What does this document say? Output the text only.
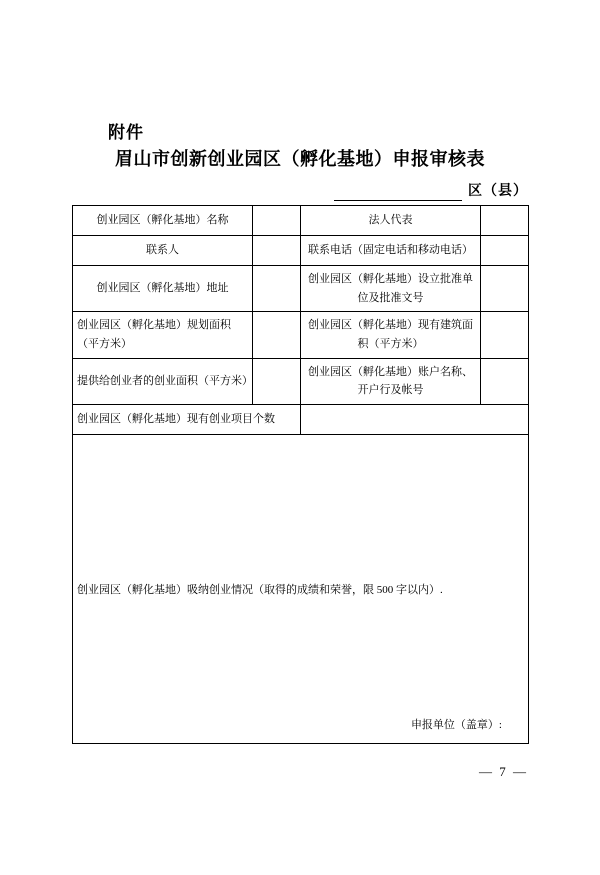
附件
眉山市创新创业园区（孵化基地）申报审核表
区（县）
创业园区（孵化基地）名称		法人代表	
联系人		联系电话（固定电话和移动电话）	
创业园区（孵化基地）地址		创业园区（孵化基地）设立批准单位及批准文号	
创业园区（孵化基地）规划面积（平方米）		创业园区（孵化基地）现有建筑面积（平方米）	
提供给创业者的创业面积（平方米）		创业园区（孵化基地）账户名称、开户行及帐号	
创业园区（孵化基地）现有创业项目个数			

创业园区（孵化基地）吸纳创业情况（取得的成绩和荣誉，限 500 字以内）.
申报单位（盖章）:			
— 7 —
